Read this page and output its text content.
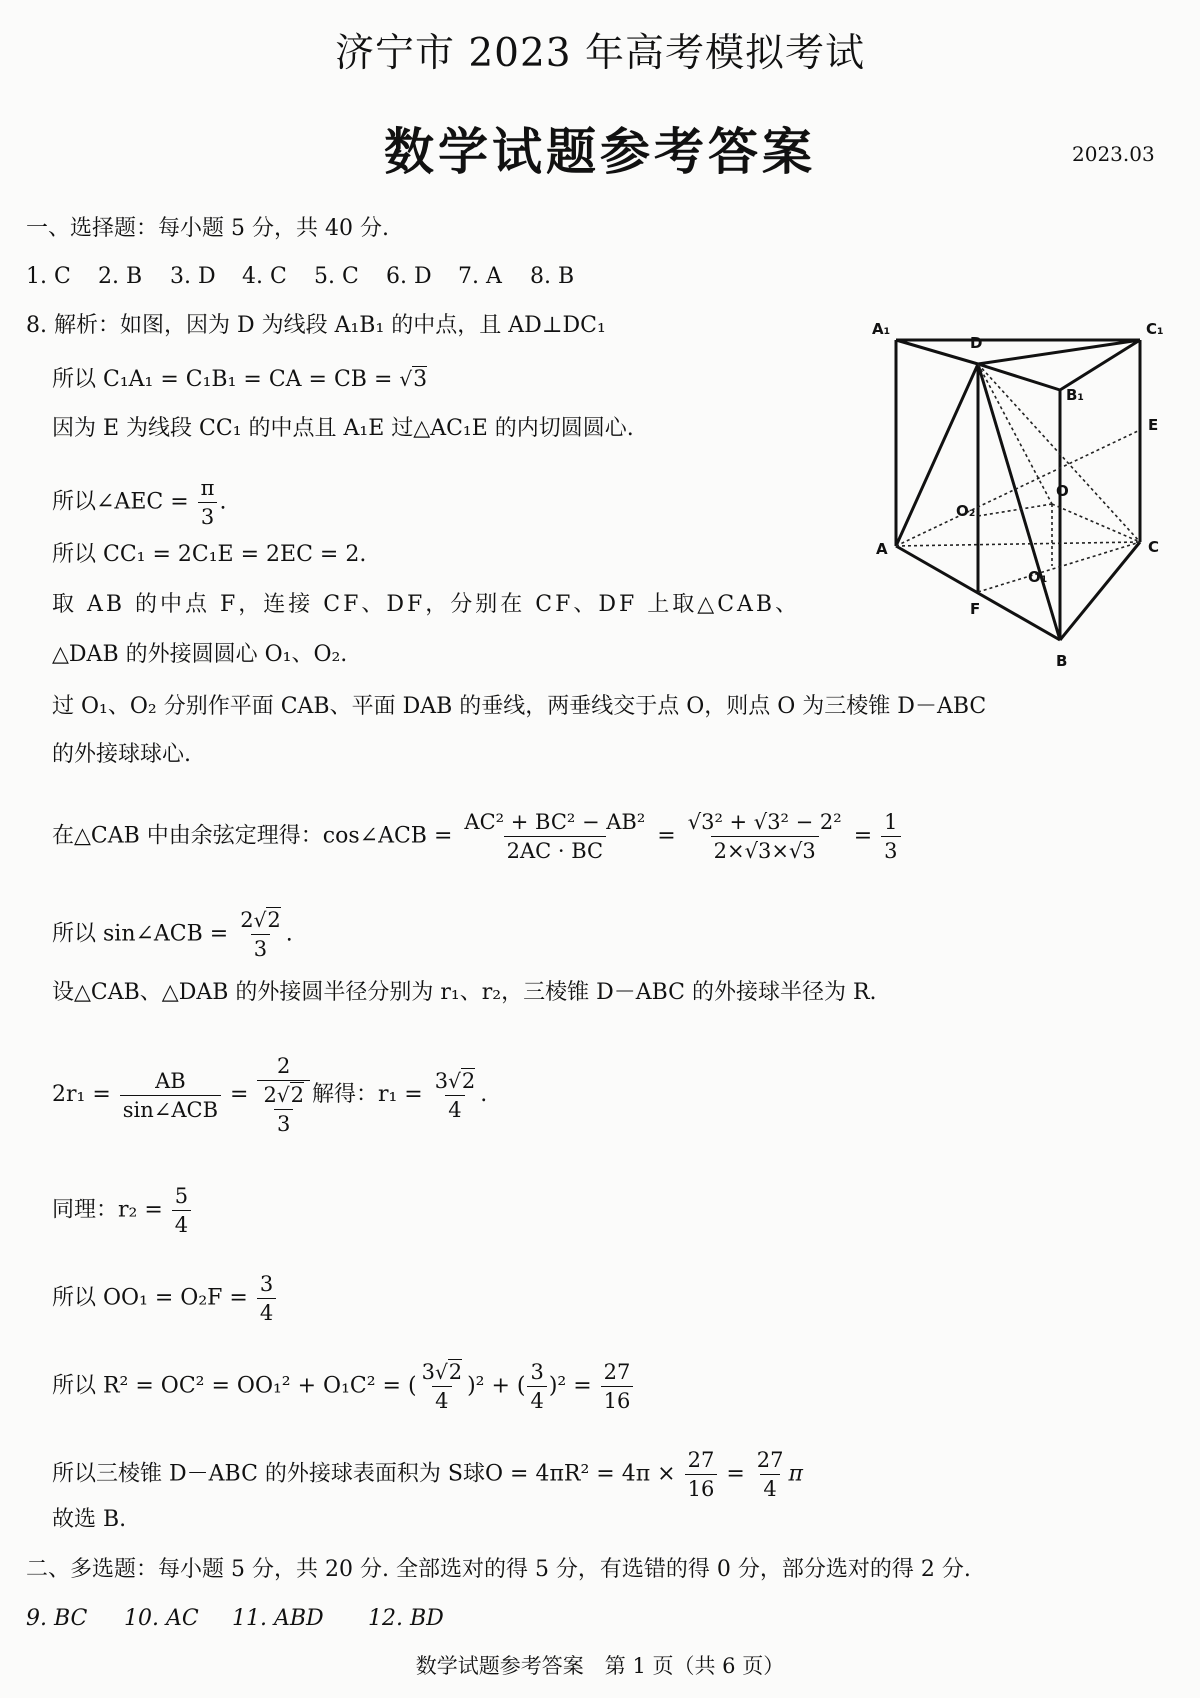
济宁市 2023 年高考模拟考试
数学试题参考答案	2023.03
一、选择题：每小题 5 分，共 40 分.
1. C 2. B 3. D 4. C 5. C 6. D 7. A 8. B
8. 解析：如图，因为 D 为线段 A₁B₁ 的中点，且 AD⊥DC₁
所以 C₁A₁ = C₁B₁ = CA = CB = √3
因为 E 为线段 CC₁ 的中点且 A₁E 过△AC₁E 的内切圆圆心.
所以∠AEC = $\frac{\pi}{3}$ .
所以 CC₁ = 2C₁E = 2EC = 2.
取 AB 的中点 F，连接 CF、DF，分别在 CF、DF 上取△CAB、
△DAB 的外接圆圆心 O₁、O₂.
过 O₁、O₂ 分别作平面 CAB、平面 DAB 的垂线，两垂线交于点 O，则点 O 为三棱锥 D－ABC
的外接球球心.
在△CAB 中由余弦定理得：cos∠ACB = $\frac{\text{AC² + BC² − AB²}}{2AC \cdot BC} = \frac{\text{√3² + √3² − 2²}}{2\times√3\times√3} = \frac{1}{3}$
所以 sin∠ACB = $\frac{2√2}{3}$ .
设△CAB、△DAB 的外接圆半径分别为 r₁、r₂，三棱锥 D－ABC 的外接球半径为 R.
$2r_1 = \frac{AB}{\text{sin∠ACB}} = \frac{2}{\frac{2√2}{3}}$ 解得：$r_1 = \frac{3√2}{4}$ .
同理：$r_2 = \frac{5}{4}$
所以 $OO_1 = O_2F = \frac{3}{4}$
所以 R² = OC² = OO₁² + O₁C² = ( $\frac{3√2}{4} )^2$ + ( $\frac{3}{4} )^2 = \frac{27}{16}$
所以三棱锥 D－ABC 的外接球表面积为 S球$O = 4\pi R^2 = 4\pi \times \frac{27}{16} = \frac{27}{4}$ π
故选 B.
二、多选题：每小题 5 分，共 20 分. 全部选对的得 5 分，有选错的得 0 分，部分选对的得 2 分.
9. BC 10. AC 11. ABD 12. BD
A₁	C₁
D
B₁
E
O
O₂
A	C
O₁
F
B
数学试题参考答案　第 1 页（共 6 页）
